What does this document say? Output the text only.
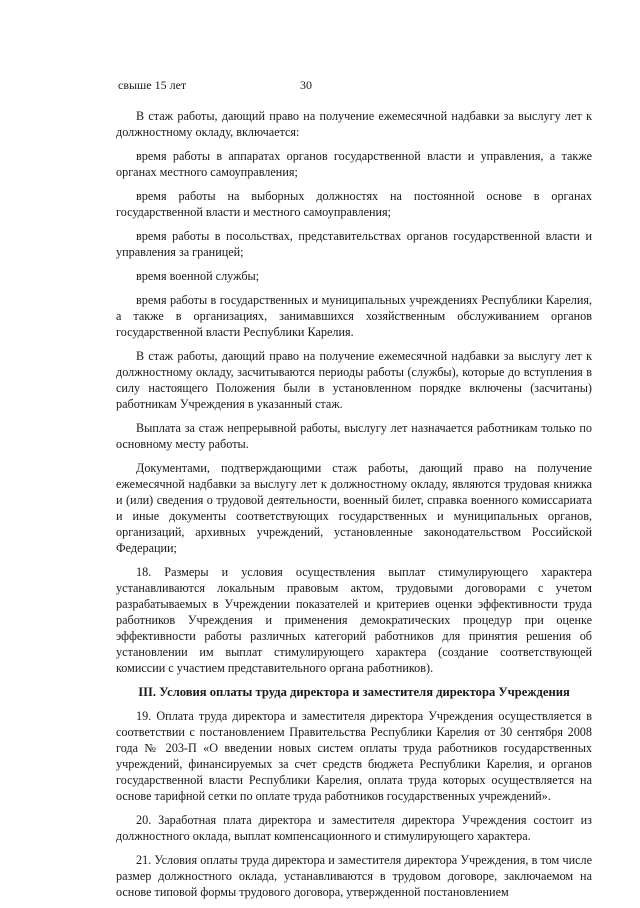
свыше 15 лет	30

В стаж работы, дающий право на получение ежемесячной надбавки за выслугу лет к должностному окладу, включается:

время работы в аппаратах органов государственной власти и управления, а также органах местного самоуправления;

время работы на выборных должностях на постоянной основе в органах государственной власти и местного самоуправления;

время работы в посольствах, представительствах органов государственной власти и управления за границей;

время военной службы;

время работы в государственных и муниципальных учреждениях Республики Карелия, а также в организациях, занимавшихся хозяйственным обслуживанием органов государственной власти Республики Карелия.

В стаж работы, дающий право на получение ежемесячной надбавки за выслугу лет к должностному окладу, засчитываются периоды работы (службы), которые до вступления в силу настоящего Положения были в установленном порядке включены (засчитаны) работникам Учреждения в указанный стаж.

Выплата за стаж непрерывной работы, выслугу лет назначается работникам только по основному месту работы.

Документами, подтверждающими стаж работы, дающий право на получение ежемесячной надбавки за выслугу лет к должностному окладу, являются трудовая книжка и (или) сведения о трудовой деятельности, военный билет, справка военного комиссариата и иные документы соответствующих государственных и муниципальных органов, организаций, архивных учреждений, установленные законодательством Российской Федерации;

18. Размеры и условия осуществления выплат стимулирующего характера устанавливаются локальным правовым актом, трудовыми договорами с учетом разрабатываемых в Учреждении показателей и критериев оценки эффективности труда работников Учреждения и применения демократических процедур при оценке эффективности работы различных категорий работников для принятия решения об установлении им выплат стимулирующего характера (создание соответствующей комиссии с участием представительного органа работников).

III. Условия оплаты труда директора и заместителя директора Учреждения

19. Оплата труда директора и заместителя директора Учреждения осуществляется в соответствии с постановлением Правительства Республики Карелия от 30 сентября 2008 года № 203-П «О введении новых систем оплаты труда работников государственных учреждений, финансируемых за счет средств бюджета Республики Карелия, и органов государственной власти Республики Карелия, оплата труда которых осуществляется на основе тарифной сетки по оплате труда работников государственных учреждений».

20. Заработная плата директора и заместителя директора Учреждения состоит из должностного оклада, выплат компенсационного и стимулирующего характера.

21. Условия оплаты труда директора и заместителя директора Учреждения, в том числе размер должностного оклада, устанавливаются в трудовом договоре, заключаемом на основе типовой формы трудового договора, утвержденной постановлением
